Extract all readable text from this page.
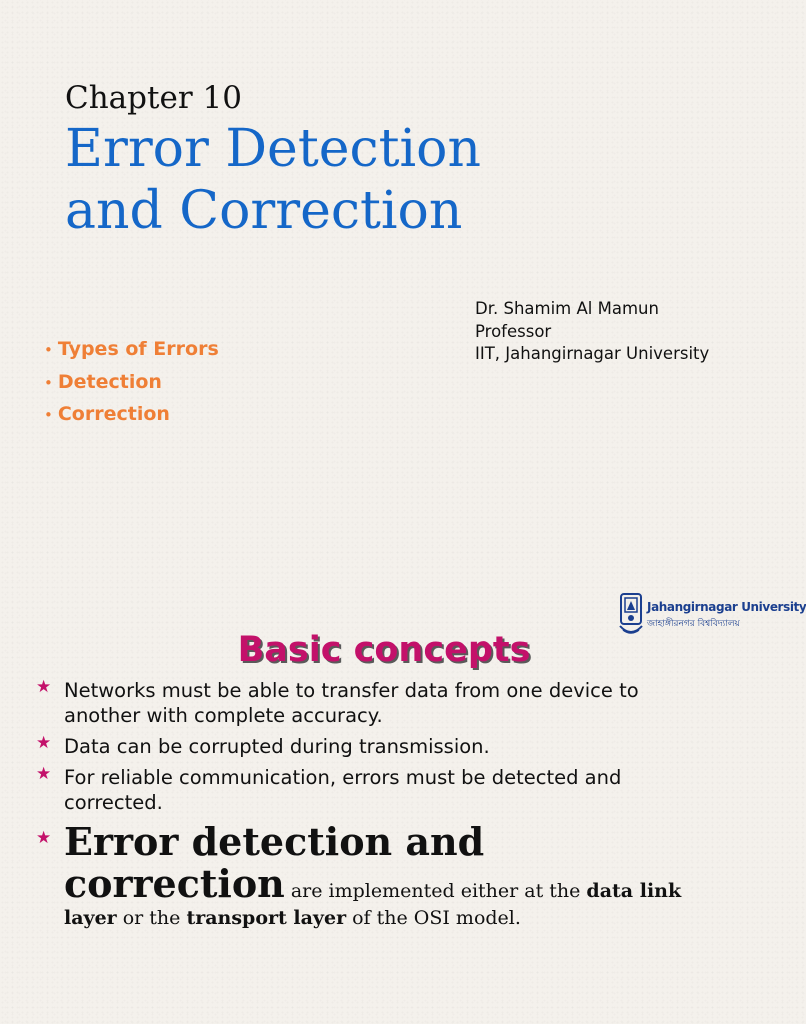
Chapter 10
Error Detection
and Correction
Dr. Shamim Al Mamun
Professor
IIT, Jahangirnagar University
• Types of Errors
• Detection
• Correction
Jahangirnagar University
জাহাঙ্গীরনগর বিশ্ববিদ্যালয়
Basic concepts
★ Networks must be able to transfer data from one device to
another with complete accuracy.
★ Data can be corrupted during transmission.
★ For reliable communication, errors must be detected and
corrected.
★ Error detection and
correction are implemented either at the data link layer or the transport layer of the OSI model.
